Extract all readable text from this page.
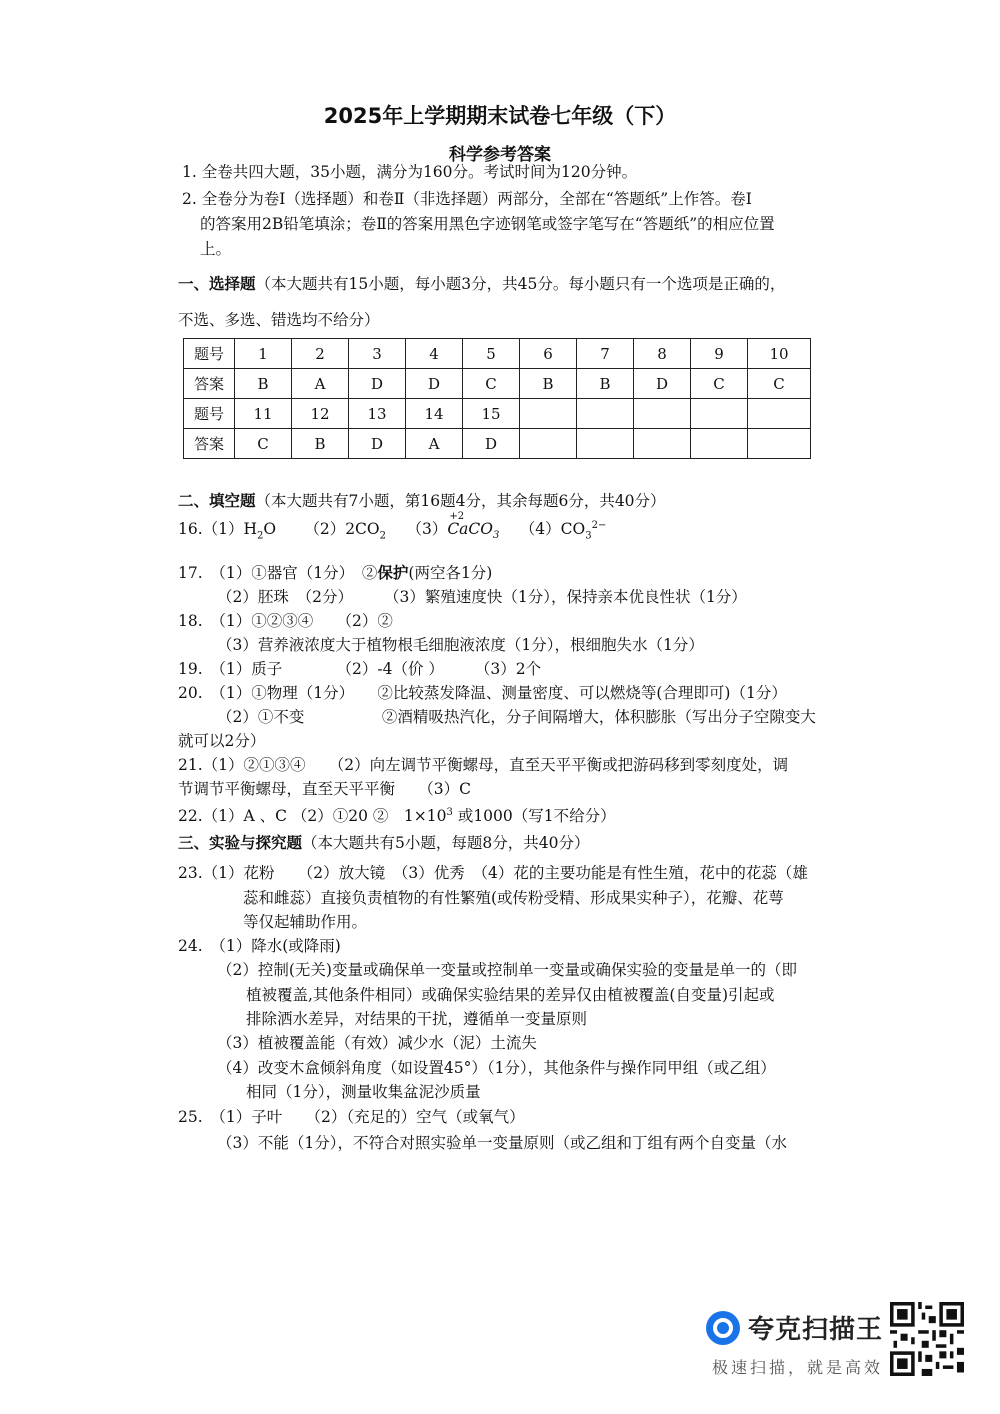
2025年上学期期末试卷七年级（下）
科学参考答案
1. 全卷共四大题，35小题，满分为160分。考试时间为120分钟。
2. 全卷分为卷Ⅰ（选择题）和卷Ⅱ（非选择题）两部分，全部在“答题纸”上作答。卷Ⅰ
的答案用2B铅笔填涂；卷Ⅱ的答案用黑色字迹钢笔或签字笔写在“答题纸”的相应位置
上。
一、选择题（本大题共有15小题，每小题3分，共45分。每小题只有一个选项是正确的，
不选、多选、错选均不给分）
题号	1	2	3	4	5	6	7	8	9	10
答案	B	A	D	D	C	B	B	D	C	C
题号	11	12	13	14	15					
答案	C	B	D	A	D					
二、填空题（本大题共有7小题，第16题4分，其余每题6分，共40分）
$16.(1)H_2O$    $(2)2CO_2$   （3）
+2
CaCO$_3$   $(4)CO_3^{2-}$
17.　（1）①器官（1分）　②保护(两空各1分)
（2）胚珠　（2分）　　　（3）繁殖速度快（1分），保持亲本优良性状（1分）
18.　（1）①②③④　　（2）②
（3）营养液浓度大于植物根毛细胞液浓度（1分），根细胞失水（1分）
19.　（1）质子　　　　（2）-4（价 ）　　　（3）2个
20.　（1）①物理（1分）　　②比较蒸发降温、测量密度、可以燃烧等(合理即可)（1分）
（2）①不变　　　　　②酒精吸热汽化，分子间隔增大，体积膨胀（写出分子空隙变大
就可以2分）
21.（1）②①③④　　（2）向左调节平衡螺母，直至天平平衡或把游码移到零刻度处，调
节调节平衡螺母，直至天平平衡　　（3）C
22.（1）A 、C （2）①20 ②　$1\times 10^3$ 或1000（写1不给分）
三、实验与探究题（本大题共有5小题，每题8分，共40分）
23.（1）花粉　　（2）放大镜　（3）优秀　（4）花的主要功能是有性生殖，花中的花蕊（雄
蕊和雌蕊）直接负责植物的有性繁殖(或传粉受精、形成果实种子），花瓣、花萼
等仅起辅助作用。
24.　（1）降水(或降雨)
（2）控制(无关)变量或确保单一变量或控制单一变量或确保实验的变量是单一的（即
植被覆盖,其他条件相同）或确保实验结果的差异仅由植被覆盖(自变量)引起或
排除洒水差异，对结果的干扰，遵循单一变量原则
（3）植被覆盖能（有效）减少水（泥）土流失
（4）改变木盒倾斜角度（如设置45°）（1分），其他条件与操作同甲组（或乙组）
相同（1分），测量收集盆泥沙质量
25.　（1）子叶　　（2）（充足的）空气（或氧气）
（3）不能（1分），不符合对照实验单一变量原则（或乙组和丁组有两个自变量（水
夸克扫描王
极速扫描，就是高效
